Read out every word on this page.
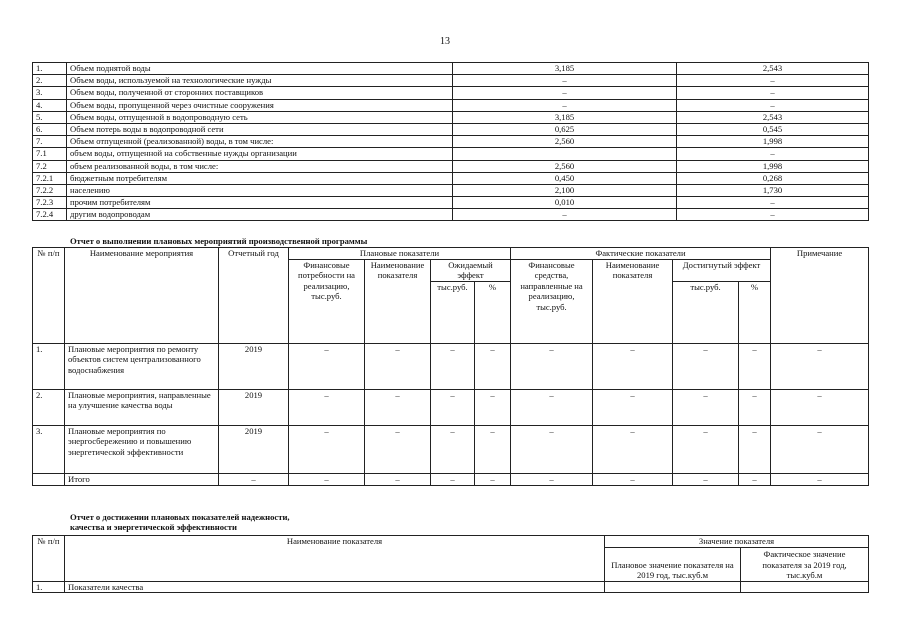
13
1.	Объем поднятой воды	3,185	2,543
2.	Объем воды, используемой на технологические нужды	–	–
3.	Объем воды, полученной от сторонних поставщиков	–	–
4.	Объем воды, пропущенной через очистные сооружения	–	–
5.	Объем воды, отпущенной в водопроводную сеть	3,185	2,543
6.	Объем потерь воды в водопроводной сети	0,625	0,545
7.	Объем отпущенной (реализованной) воды, в том числе:	2,560	1,998
7.1	объем воды, отпущенной на собственные нужды организации		–
7.2	объем реализованной воды, в том числе:	2,560	1,998
7.2.1	бюджетным потребителям	0,450	0,268
7.2.2	населению	2,100	1,730
7.2.3	прочим потребителям	0,010	–
7.2.4	другим водопроводам	–	–
Отчет о выполнении плановых мероприятий производственной программы
№ п/п	Наименование мероприятия	Отчетный год	Плановые показатели				Фактические показатели				Примечание
			Финансовые потребности на реализацию, тыс.руб.	Наименование показателя	Ожидаемый эффект		Финансовые средства, направленные на реализацию, тыс.руб.	Наименование показателя	Достигнутый эффект		
					тыс.руб.	%			тыс.руб.	%	
1.	Плановые мероприятия по ремонту объектов систем централизованного водоснабжения	2019	–	–	–	–	–	–	–	–	–
2.	Плановые мероприятия, направленные на улучшение качества воды	2019	–	–	–	–	–	–	–	–	–
3.	Плановые мероприятия по энергосбережению и повышению энергетической эффективности	2019	–	–	–	–	–	–	–	–	–
	Итого	–	–	–	–	–	–	–	–	–	–
Отчет о достижении плановых показателей надежности,
качества и энергетической эффективности
№ п/п	Наименование показателя	Значение показателя	
		Плановое значение показателя на 2019 год, тыс.куб.м	Фактическое значение показателя за 2019 год, тыс.куб.м
1.	Показатели качества		
